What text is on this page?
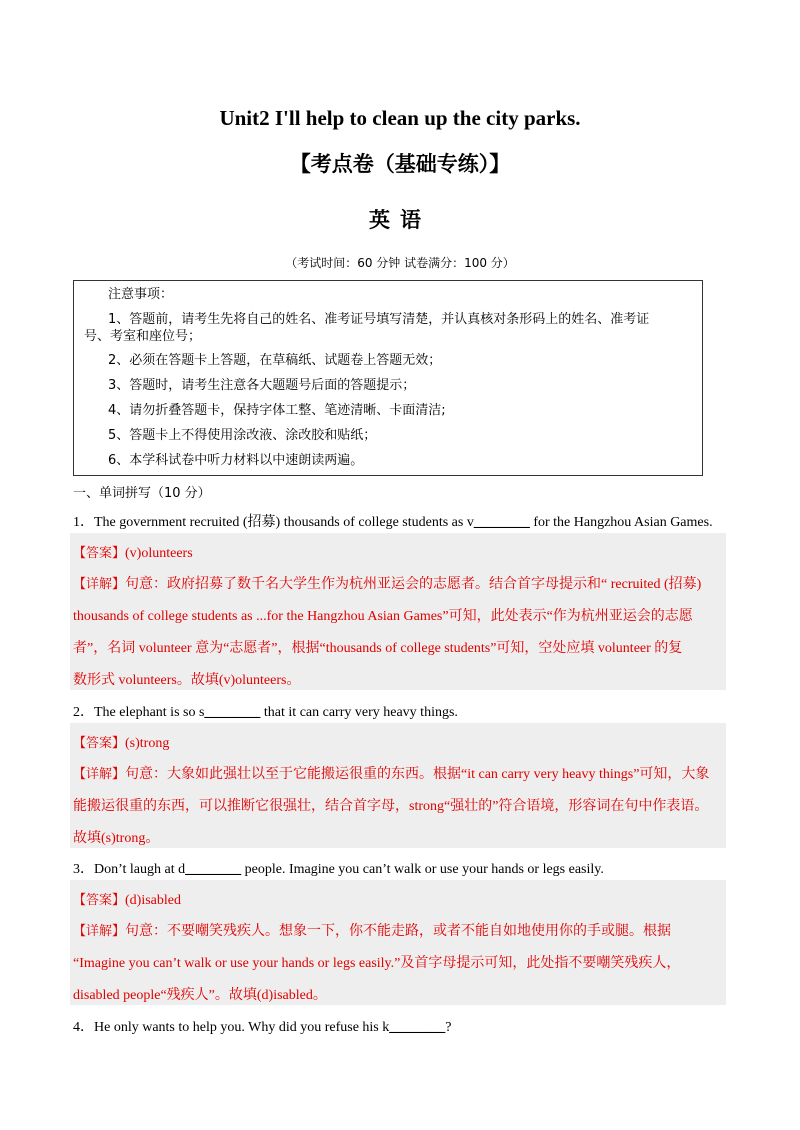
Unit2 I'll help to clean up the city parks.
【考点卷（基础专练）】
英语
（考试时间：60 分钟 试卷满分：100 分）
注意事项：
1、答题前，请考生先将自己的姓名、准考证号填写清楚，并认真核对条形码上的姓名、准考证
号、考室和座位号；
2、必须在答题卡上答题，在草稿纸、试题卷上答题无效；
3、答题时，请考生注意各大题题号后面的答题提示；
4、请勿折叠答题卡，保持字体工整、笔迹清晰、卡面清洁;
5、答题卡上不得使用涂改液、涂改胶和贴纸；
6、本学科试卷中听力材料以中速朗读两遍。
一、单词拼写（10 分）
1．The government recruited (招募) thousands of college students as v________ for the Hangzhou Asian Games.
【答案】(v)olunteers
【详解】句意：政府招募了数千名大学生作为杭州亚运会的志愿者。结合首字母提示和“ recruited (招募)
thousands of college students as ...for the Hangzhou Asian Games”可知，此处表示“作为杭州亚运会的志愿
者”，名词 volunteer 意为“志愿者”，根据“thousands of college students”可知，空处应填 volunteer 的复
数形式 volunteers。故填(v)olunteers。
2．The elephant is so s________ that it can carry very heavy things.
【答案】(s)trong
【详解】句意：大象如此强壮以至于它能搬运很重的东西。根据“it can carry very heavy things”可知，大象
能搬运很重的东西，可以推断它很强壮，结合首字母，strong“强壮的”符合语境，形容词在句中作表语。
故填(s)trong。
3．Don’t laugh at d________ people. Imagine you can’t walk or use your hands or legs easily.
【答案】(d)isabled
【详解】句意：不要嘲笑残疾人。想象一下，你不能走路，或者不能自如地使用你的手或腿。根据
“Imagine you can’t walk or use your hands or legs easily.”及首字母提示可知，此处指不要嘲笑残疾人，
disabled people“残疾人”。故填(d)isabled。
4．He only wants to help you. Why did you refuse his k________?
